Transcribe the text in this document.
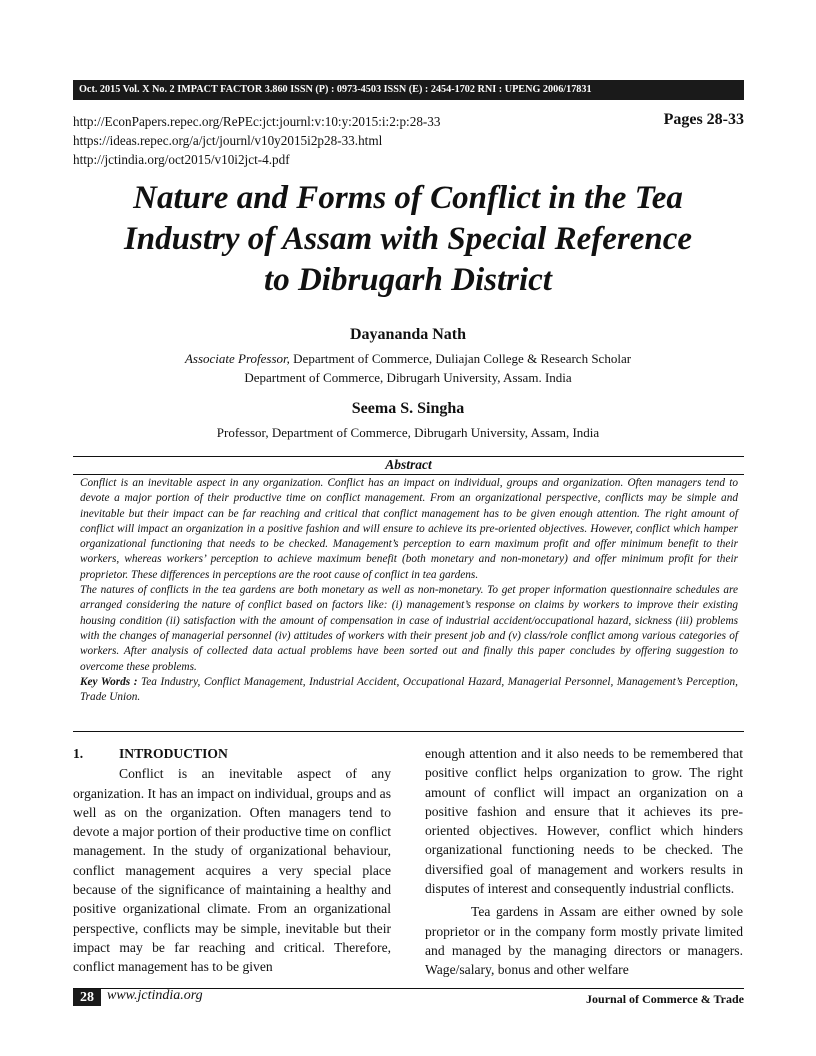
Oct. 2015 Vol. X No. 2 IMPACT FACTOR 3.860 ISSN (P) : 0973-4503 ISSN (E) : 2454-1702 RNI : UPENG 2006/17831
http://EconPapers.repec.org/RePEc:jct:journl:v:10:y:2015:i:2:p:28-33
https://ideas.repec.org/a/jct/journl/v10y2015i2p28-33.html
http://jctindia.org/oct2015/v10i2jct-4.pdf
Pages 28-33
Nature and Forms of Conflict in the Tea
Industry of Assam with Special Reference
to Dibrugarh District
Dayananda Nath
Associate Professor, Department of Commerce, Duliajan College & Research Scholar
Department of Commerce, Dibrugarh University, Assam. India
Seema S. Singha
Professor, Department of Commerce, Dibrugarh University, Assam, India
Abstract

Conflict is an inevitable aspect in any organization. Conflict has an impact on individual, groups and organization. Often managers tend to devote a major portion of their productive time on conflict management. From an organizational perspective, conflicts may be simple and inevitable but their impact can be far reaching and critical that conflict management has to be given enough attention. The right amount of conflict will impact an organization in a positive fashion and will ensure to achieve its pre-oriented objectives. However, conflict which hamper organizational functioning that needs to be checked. Management’s perception to earn maximum profit and offer minimum benefit to their workers, whereas workers’ perception to achieve maximum benefit (both monetary and non-monetary) and offer minimum profit for their proprietor. These differences in perceptions are the root cause of conflict in tea gardens.

The natures of conflicts in the tea gardens are both monetary as well as non-monetary. To get proper information questionnaire schedules are arranged considering the nature of conflict based on factors like: (i) management’s response on claims by workers to improve their existing housing condition (ii) satisfaction with the amount of compensation in case of industrial accident/occupational hazard, sickness (iii) problems with the changes of managerial personnel (iv) attitudes of workers with their present job and (v) class/role conflict among various categories of workers. After analysis of collected data actual problems have been sorted out and finally this paper concludes by offering suggestion to overcome these problems.

Key Words : Tea Industry, Conflict Management, Industrial Accident, Occupational Hazard, Managerial Personnel, Management’s Perception, Trade Union.

1.	INTRODUCTION

Conflict is an inevitable aspect of any organization. It has an impact on individual, groups and as well as on the organization. Often managers tend to devote a major portion of their productive time on conflict management. In the study of organizational behaviour, conflict management acquires a very special place because of the significance of maintaining a healthy and positive organizational climate. From an organizational perspective, conflicts may be simple, inevitable but their impact may be far reaching and critical. Therefore, conflict management has to be given

enough attention and it also needs to be remembered that positive conflict helps organization to grow. The right amount of conflict will impact an organization on a positive fashion and ensure that it achieves its pre-oriented objectives. However, conflict which hinders organizational functioning needs to be checked. The diversified goal of management and workers results in disputes of interest and consequently industrial conflicts.

Tea gardens in Assam are either owned by sole proprietor or in the company form mostly private limited and managed by the managing directors or managers. Wage/salary, bonus and other welfare

28 www.jctindia.org	Journal of Commerce & Trade
